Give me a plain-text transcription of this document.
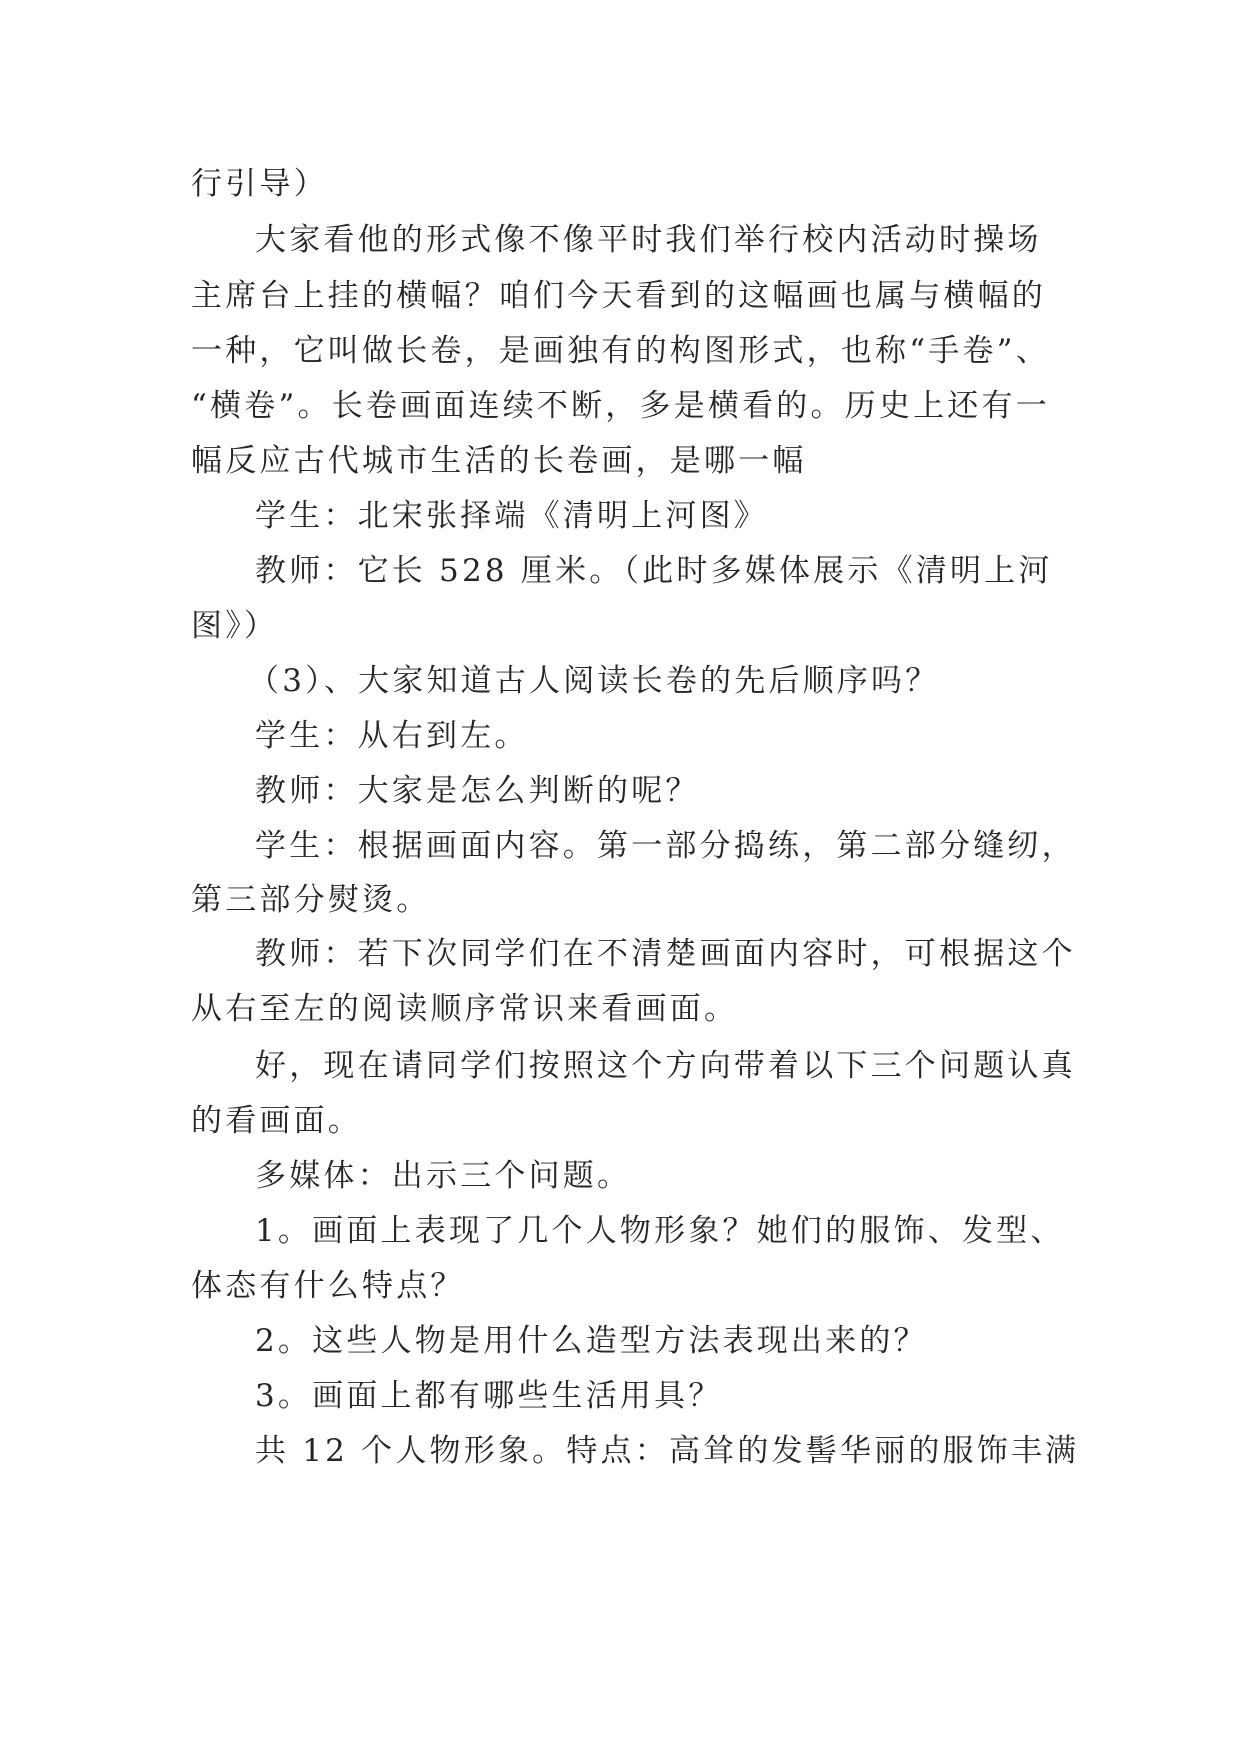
行引导）
大家看他的形式像不像平时我们举行校内活动时操场
主席台上挂的横幅？咱们今天看到的这幅画也属与横幅的
一种，它叫做长卷，是画独有的构图形式，也称“手卷”、
“横卷”。长卷画面连续不断，多是横看的。历史上还有一
幅反应古代城市生活的长卷画，是哪一幅
学生：北宋张择端《清明上河图》
教师：它长 528 厘米。（此时多媒体展示《清明上河
图》）
（3）、大家知道古人阅读长卷的先后顺序吗？
学生：从右到左。
教师：大家是怎么判断的呢？
学生：根据画面内容。第一部分捣练，第二部分缝纫，
第三部分熨烫。
教师：若下次同学们在不清楚画面内容时，可根据这个
从右至左的阅读顺序常识来看画面。
好，现在请同学们按照这个方向带着以下三个问题认真
的看画面。
多媒体：出示三个问题。
1。画面上表现了几个人物形象？她们的服饰、发型、
体态有什么特点？
2。这些人物是用什么造型方法表现出来的？
3。画面上都有哪些生活用具？
共 12 个人物形象。特点：高耸的发髻华丽的服饰丰满
